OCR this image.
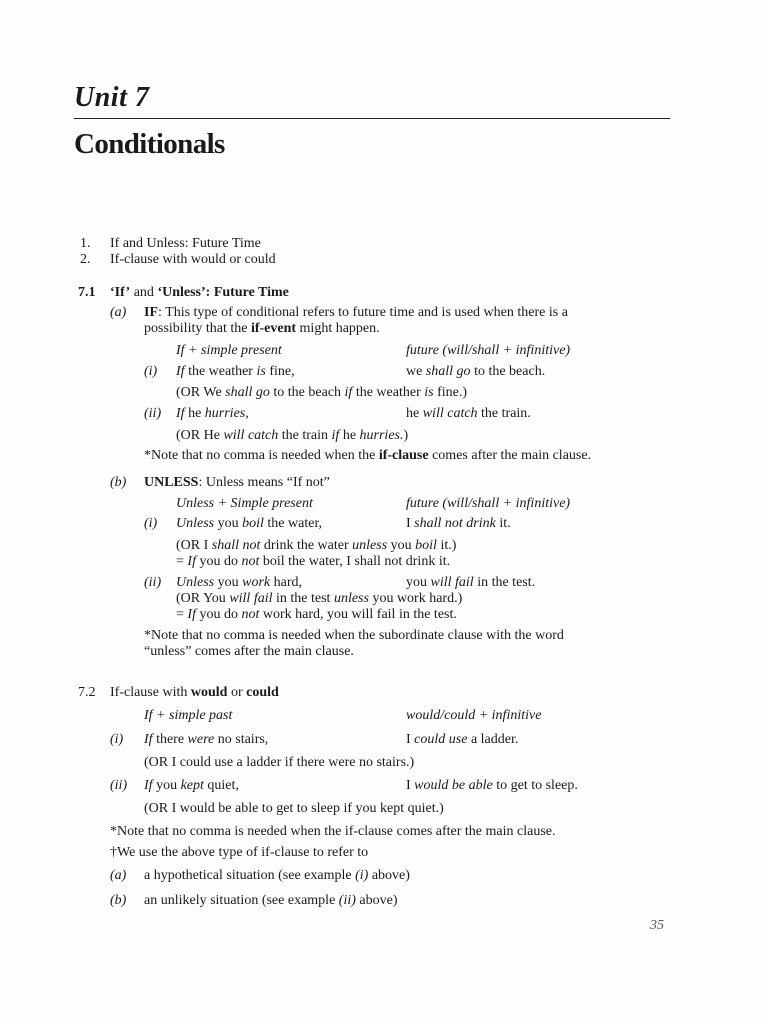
Unit 7
Conditionals
1. If and Unless: Future Time
2. If-clause with would or could
7.1 ‘If’ and ‘Unless’: Future Time
(a) IF: This type of conditional refers to future time and is used when there is a
possibility that the if-event might happen.
If + simple present	future (will/shall + infinitive)
(i) If the weather is fine,	we shall go to the beach.
(OR We shall go to the beach if the weather is fine.)
(ii) If he hurries,	he will catch the train.
(OR He will catch the train if he hurries.)
*Note that no comma is needed when the if-clause comes after the main clause.
(b) UNLESS: Unless means “If not”
Unless + Simple present	future (will/shall + infinitive)
(i) Unless you boil the water,	I shall not drink it.
(OR I shall not drink the water unless you boil it.)
= If you do not boil the water, I shall not drink it.
(ii) Unless you work hard,	you will fail in the test.
(OR You will fail in the test unless you work hard.)
= If you do not work hard, you will fail in the test.
*Note that no comma is needed when the subordinate clause with the word
“unless” comes after the main clause.
7.2 If-clause with would or could
If + simple past	would/could + infinitive
(i) If there were no stairs,	I could use a ladder.
(OR I could use a ladder if there were no stairs.)
(ii) If you kept quiet,	I would be able to get to sleep.
(OR I would be able to get to sleep if you kept quiet.)
*Note that no comma is needed when the if-clause comes after the main clause.
†We use the above type of if-clause to refer to
(a) a hypothetical situation (see example (i) above)
(b) an unlikely situation (see example (ii) above)
35
